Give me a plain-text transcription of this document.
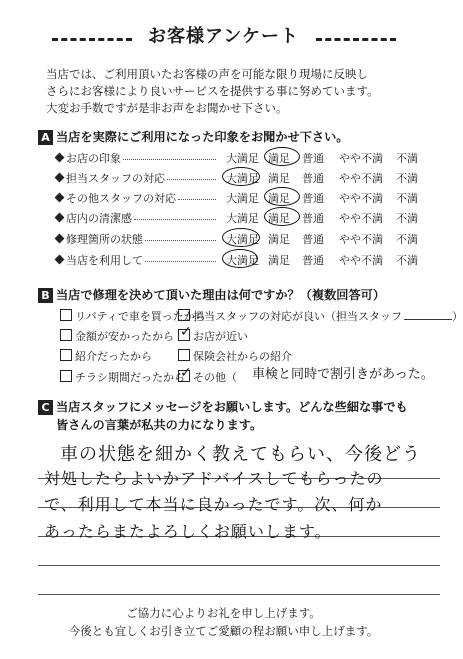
お客様アンケート
当店では、ご利用頂いたお客様の声を可能な限り現場に反映し
さらにお客様により良いサービスを提供する事に努めています。
大変お手数ですが是非お声をお聞かせ下さい。
A 当店を実際にご利用になった印象をお聞かせ下さい。
お店の印象	大満足 満足 普通 やや不満 不満
担当スタッフの対応	大満足 満足 普通 やや不満 不満
その他スタッフの対応	大満足 満足 普通 やや不満 不満
店内の清潔感	大満足 満足 普通 やや不満 不満
修理箇所の状態	大満足 満足 普通 やや不満 不満
当店を利用して	大満足 満足 普通 やや不満 不満
B 当店で修理を決めて頂いた理由は何ですか？（複数回答可）
リバティで車を買ったから
担当スタッフの対応が良い（担当スタッフ	）
金額が安かったから ✓ お店が近い
紹介だったから	保険会社からの紹介
チラシ期間だったから
✓ その他（ 車検と同時で割引きがあった。
C 当店スタッフにメッセージをお願いします。どんな些細な事でも
皆さんの言葉が私共の力になります。
車の状態を細かく教えてもらい、今後どう
対処したらよいかアドバイスしてもらったの
で、利用して本当に良かったです。次、何か
あったらまたよろしくお願いします。
ご協力に心よりお礼を申し上げます。
今後とも宜しくお引き立てご愛顧の程お願い申し上げます。
